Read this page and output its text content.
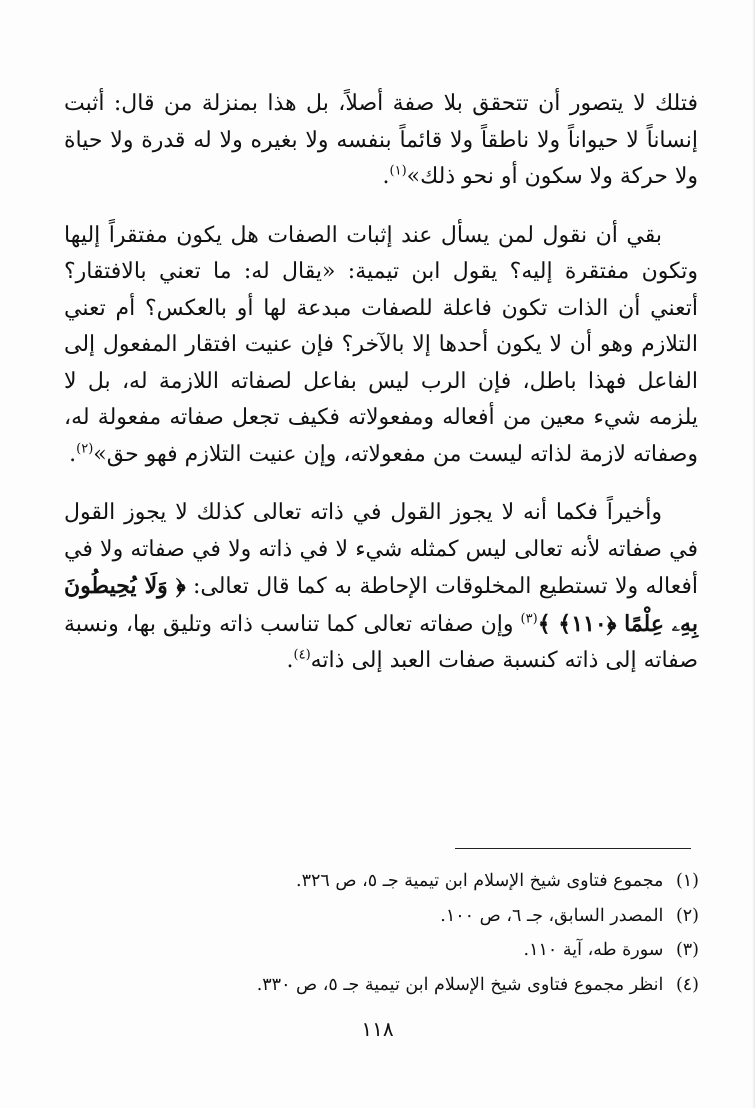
فتلك لا يتصور أن تتحقق بلا صفة أصلاً، بل هذا بمنزلة من قال: أثبت إنساناً لا حيواناً ولا ناطقاً ولا قائماً بنفسه ولا بغيره ولا له قدرة ولا حياة ولا حركة ولا سكون أو نحو ذلك»$^{(١)}$.

بقي أن نقول لمن يسأل عند إثبات الصفات هل يكون مفتقراً إليها وتكون مفتقرة إليه؟ يقول ابن تيمية: «يقال له: ما تعني بالافتقار؟ أتعني أن الذات تكون فاعلة للصفات مبدعة لها أو بالعكس؟ أم تعني التلازم وهو أن لا يكون أحدها إلا بالآخر؟ فإن عنيت افتقار المفعول إلى الفاعل فهذا باطل، فإن الرب ليس بفاعل لصفاته اللازمة له، بل لا يلزمه شيء معين من أفعاله ومفعولاته فكيف تجعل صفاته مفعولة له، وصفاته لازمة لذاته ليست من مفعولاته، وإن عنيت التلازم فهو حق»$^{(٢)}$.

وأخيراً فكما أنه لا يجوز القول في ذاته تعالى كذلك لا يجوز القول في صفاته لأنه تعالى ليس كمثله شيء لا في ذاته ولا في صفاته ولا في أفعاله ولا تستطيع المخلوقات الإحاطة به كما قال تعالى: ﴿ وَلَا يُحِيطُونَ بِهِۦ عِلْمًا ﴿١١٠﴾ ﴾$^{(٣)}$ وإن صفاته تعالى كما تناسب ذاته وتليق بها، ونسبة صفاته إلى ذاته كنسبة صفات العبد إلى ذاته$^{(٤)}$.

(١) مجموع فتاوى شيخ الإسلام ابن تيمية جـ ٥، ص ٣٢٦.
(٢) المصدر السابق، جـ ٦، ص ١٠٠.
(٣) سورة طه، آية ١١٠.
(٤) انظر مجموع فتاوى شيخ الإسلام ابن تيمية جـ ٥، ص ٣٣٠.
١١٨
